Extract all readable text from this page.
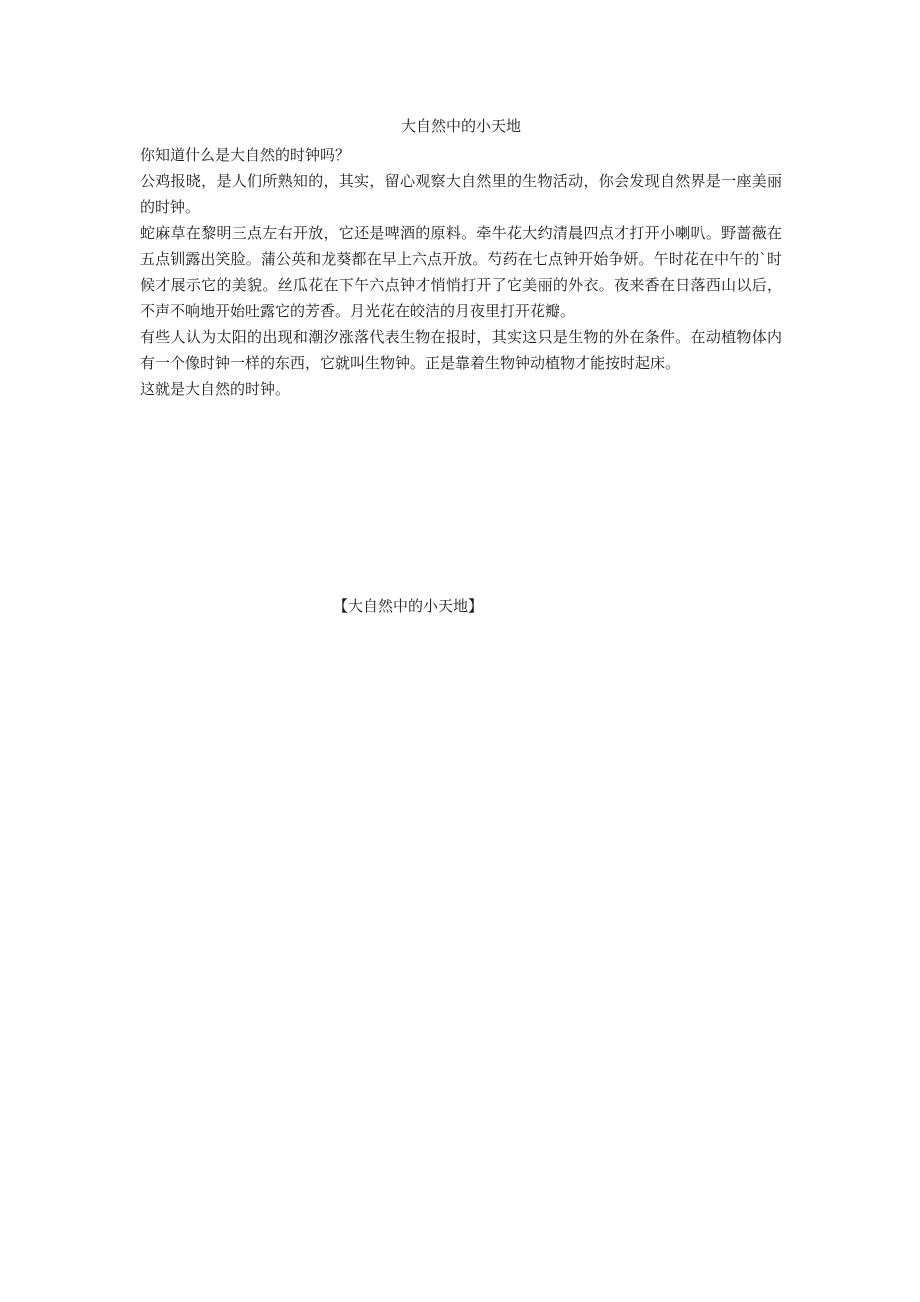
大自然中的小天地
你知道什么是大自然的时钟吗？

公鸡报晓，是人们所熟知的，其实，留心观察大自然里的生物活动，你会发现自然界是一座美丽的时钟。

蛇麻草在黎明三点左右开放，它还是啤酒的原料。牵牛花大约清晨四点才打开小喇叭。野蔷薇在五点钏露出笑脸。蒲公英和龙葵都在早上六点开放。芍药在七点钟开始争妍。午时花在中午的`时候才展示它的美貌。丝瓜花在下午六点钟才悄悄打开了它美丽的外衣。夜来香在日落西山以后，不声不响地开始吐露它的芳香。月光花在皎洁的月夜里打开花瓣。

有些人认为太阳的出现和潮汐涨落代表生物在报时，其实这只是生物的外在条件。在动植物体内有一个像时钟一样的东西，它就叫生物钟。正是靠着生物钟动植物才能按时起床。

这就是大自然的时钟。

【大自然中的小天地】
